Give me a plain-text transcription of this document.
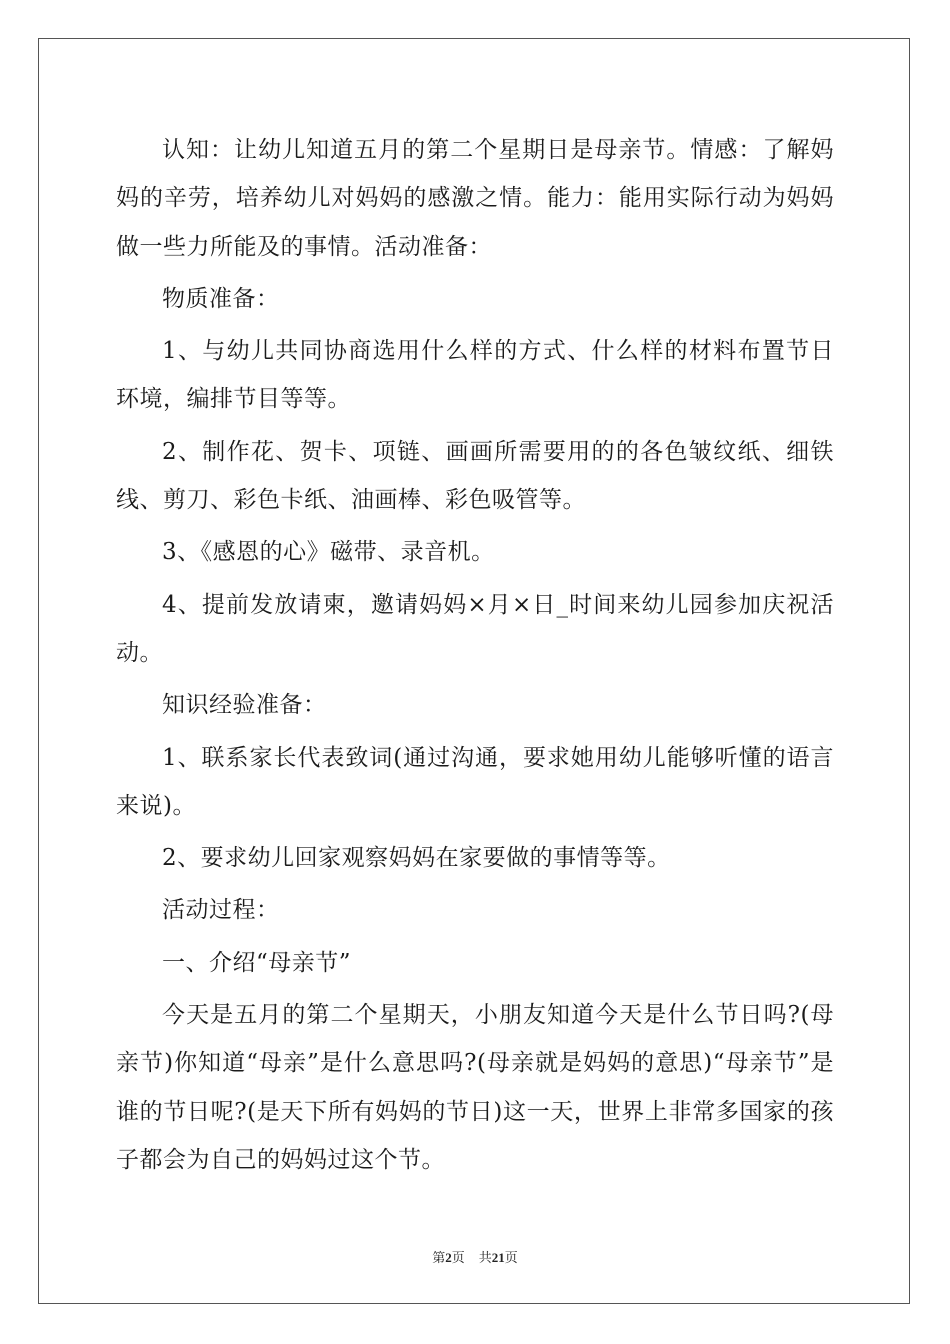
认知：让幼儿知道五月的第二个星期日是母亲节。情感：了解妈妈的辛劳，培养幼儿对妈妈的感激之情。能力：能用实际行动为妈妈做一些力所能及的事情。活动准备：

物质准备：

1、与幼儿共同协商选用什么样的方式、什么样的材料布置节日环境，编排节目等等。

2、制作花、贺卡、项链、画画所需要用的的各色皱纹纸、细铁线、剪刀、彩色卡纸、油画棒、彩色吸管等。

3、《感恩的心》磁带、录音机。

4、提前发放请柬，邀请妈妈×月×日_时间来幼儿园参加庆祝活动。

知识经验准备：

1、联系家长代表致词(通过沟通，要求她用幼儿能够听懂的语言来说)。

2、要求幼儿回家观察妈妈在家要做的事情等等。

活动过程：

一、介绍“母亲节”

今天是五月的第二个星期天，小朋友知道今天是什么节日吗?(母亲节)你知道“母亲”是什么意思吗?(母亲就是妈妈的意思)“母亲节”是谁的节日呢?(是天下所有妈妈的节日)这一天，世界上非常多国家的孩子都会为自己的妈妈过这个节。

第2页 共21页
